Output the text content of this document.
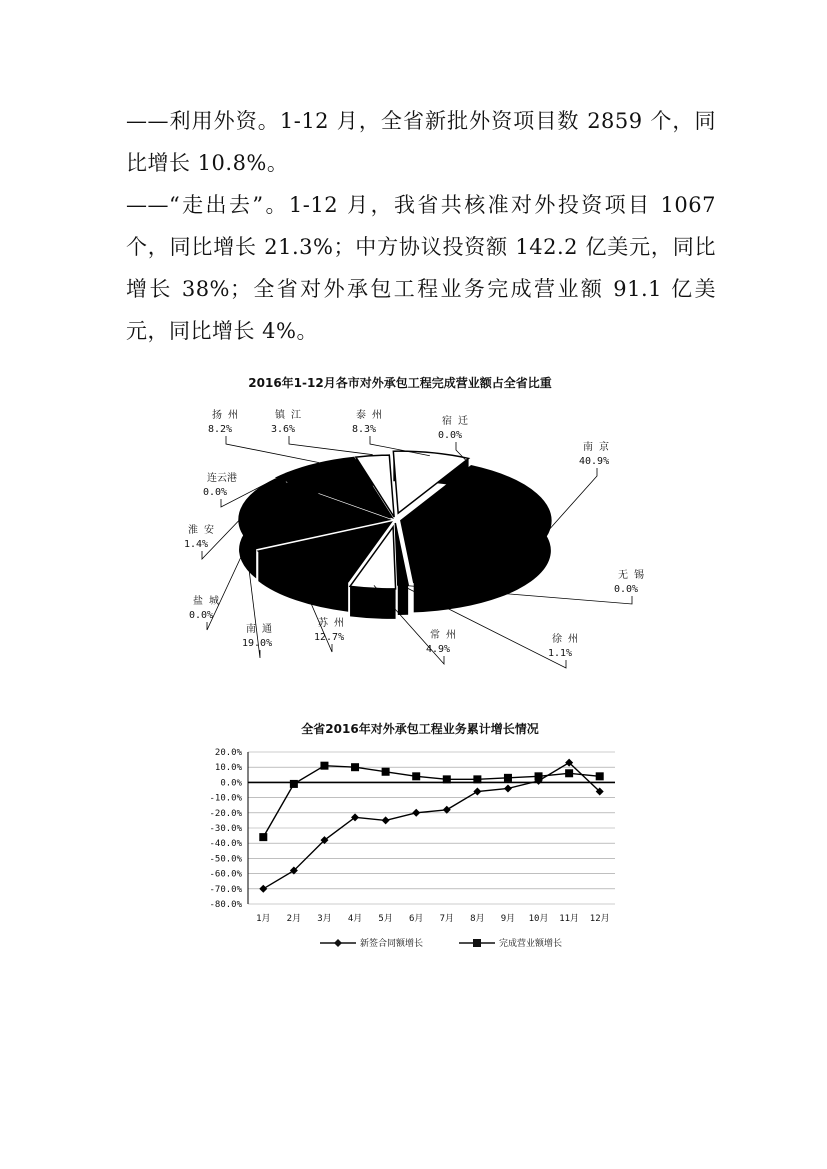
——利用外资。1-12 月，全省新批外资项目数 2859 个，同比增长 10.8%。

——“走出去”。1-12 月，我省共核准对外投资项目 1067 个，同比增长 21.3%；中方协议投资额 142.2 亿美元，同比增长 38%；全省对外承包工程业务完成营业额 91.1 亿美元，同比增长 4%。

2016年1-12月各市对外承包工程完成营业额占全省比重
南 京
40.9%
无 锡
0.0%
徐 州
1.1%
常 州
4.9%
苏 州
12.7%
南 通
19.0%
盐 城
0.0%
淮 安
1.4%
连云港
0.0%
扬 州
8.2%
镇 江
3.6%
泰 州
8.3%
宿 迁
0.0%
全省2016年对外承包工程业务累计增长情况
20.0%
10.0%
0.0%
-10.0%
-20.0%
-30.0%
-40.0%
-50.0%
-60.0%
-70.0%
-80.0%
1月 2月 3月 4月 5月 6月 7月 8月 9月 10月 11月 12月
新签合同额增长	完成营业额增长
